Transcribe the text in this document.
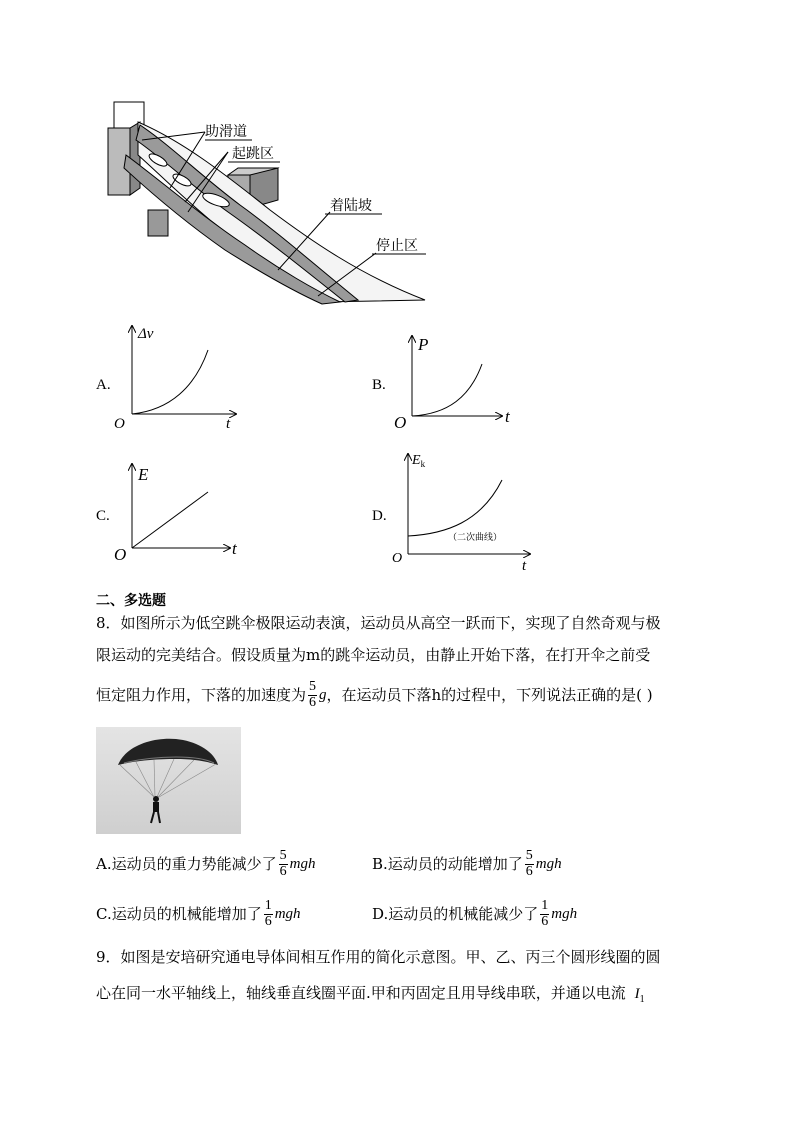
助滑道
起跳区
着陆坡
停止区
A.
Δv
O	t
B.
P
O	t
C.
E
O	t
D.
$E_k$
O	t
（二次曲线）
二、多选题
8．如图所示为低空跳伞极限运动表演，运动员从高空一跃而下，实现了自然奇观与极
限运动的完美结合。假设质量为m的跳伞运动员，由静止开始下落，在打开伞之前受
恒定阻力作用，下落的加速度为 $\frac{5}{6}$ g ，在运动员下落h的过程中，下列说法正确的是( )
A.运动员的重力势能减少了 $\frac{5}{6}$ mgh	B.运动员的动能增加了 $\frac{5}{6}$ mgh
C.运动员的机械能增加了 $\frac{1}{6}$ mgh	D.运动员的机械能减少了 $\frac{1}{6}$ mgh
9．如图是安培研究通电导体间相互作用的简化示意图。甲、乙、丙三个圆形线圈的圆
心在同一水平轴线上，轴线垂直线圈平面.甲和丙固定且用导线串联，并通以电流 $I_1$
